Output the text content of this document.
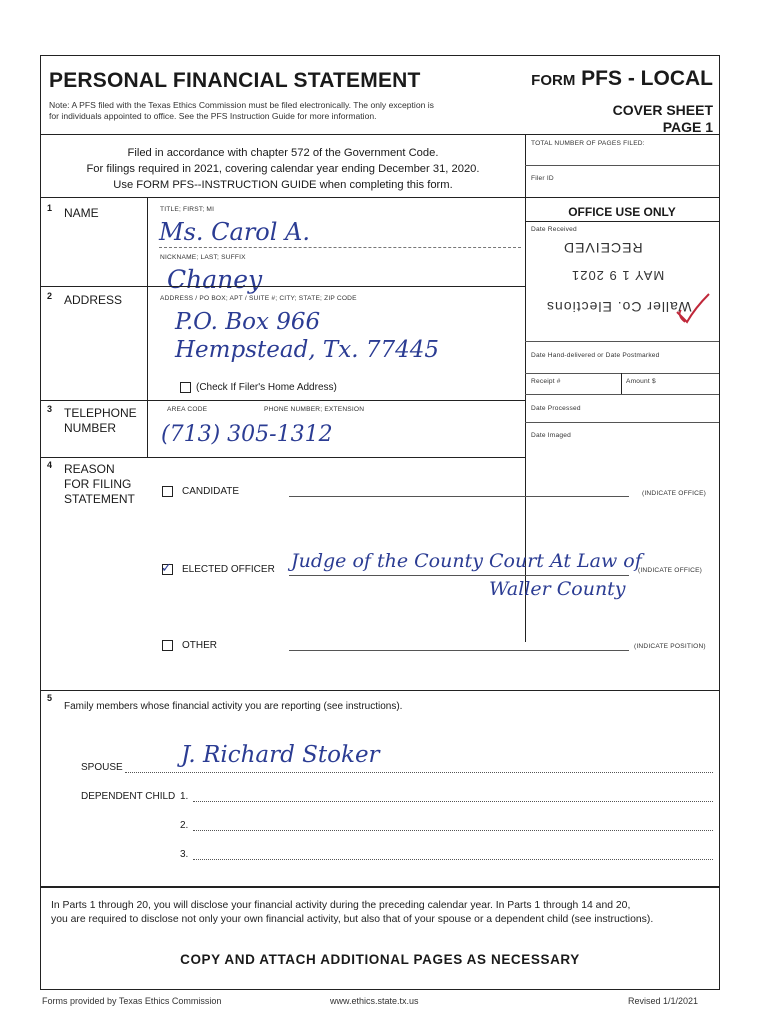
PERSONAL FINANCIAL STATEMENT	FORM PFS - LOCAL
Note: A PFS filed with the Texas Ethics Commission must be filed electronically. The only exception is
for individuals appointed to office. See the PFS Instruction Guide for more information.	COVER SHEET
PAGE 1
Filed in accordance with chapter 572 of the Government Code.
For filings required in 2021, covering calendar year ending December 31, 2020.
Use FORM PFS--INSTRUCTION GUIDE when completing this form.
TOTAL NUMBER OF PAGES FILED:
Filer ID
1 NAME	TITLE; FIRST; MI
Ms. Carol A.
NICKNAME; LAST; SUFFIX
Chaney
OFFICE USE ONLY
Date Received
RECEIVED
MAY 1 9 2021
Waller Co. Elections
Date Hand-delivered or Date Postmarked
Receipt #	Amount $
Date Processed
Date Imaged
2 ADDRESS	ADDRESS / PO BOX; APT / SUITE #; CITY; STATE; ZIP CODE
P.O. Box 966
Hempstead, Tx. 77445
(Check If Filer's Home Address)
3 TELEPHONE
NUMBER
AREA CODE	PHONE NUMBER; EXTENSION
(713) 305-1312
4 REASON
FOR FILING
STATEMENT
CANDIDATE	(INDICATE OFFICE)
✓ ELECTED OFFICER Judge of the County Court At Law of
(INDICATE OFFICE)
Waller County
OTHER	(INDICATE POSITION)
5
Family members whose financial activity you are reporting (see instructions).
SPOUSE	J. Richard Stoker
DEPENDENT CHILD 1.
2.
3.
In Parts 1 through 20, you will disclose your financial activity during the preceding calendar year. In Parts 1 through 14 and 20,
you are required to disclose not only your own financial activity, but also that of your spouse or a dependent child (see instructions).
COPY AND ATTACH ADDITIONAL PAGES AS NECESSARY
Forms provided by Texas Ethics Commission	www.ethics.state.tx.us	Revised 1/1/2021
